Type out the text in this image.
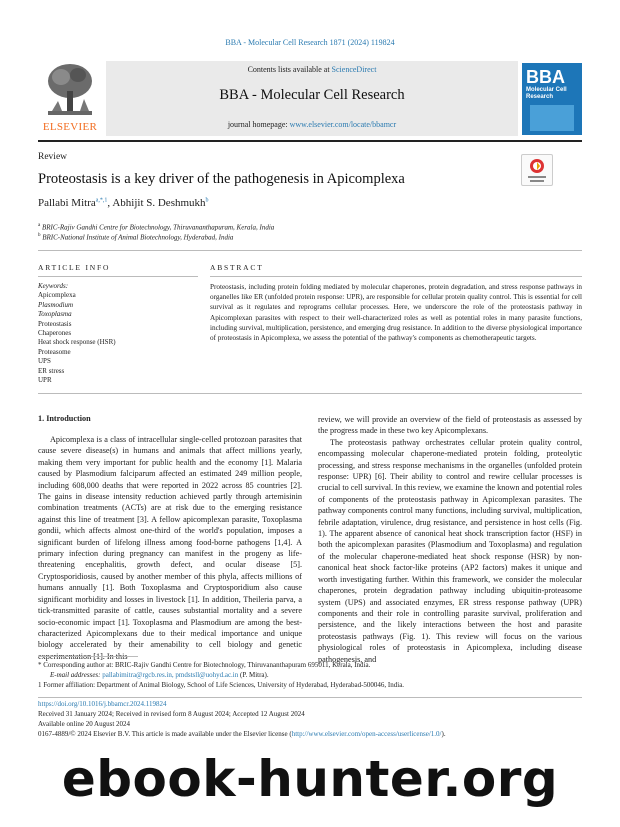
BBA - Molecular Cell Research 1871 (2024) 119824
ELSEVIER
Contents lists available at ScienceDirect
BBA - Molecular Cell Research
journal homepage: www.elsevier.com/locate/bbamcr
BBA
Molecular Cell Research
Review
Proteostasis is a key driver of the pathogenesis in Apicomplexa
Pallabi Mitra$^{a,*,1}$, Abhijit S. Deshmukh$^b$
$^a$ BRIC-Rajiv Gandhi Centre for Biotechnology, Thiruvananthapuram, Kerala, India
$^b$ BRIC-National Institute of Animal Biotechnology, Hyderabad, India
ARTICLE INFO
Keywords:
Apicomplexa
Plasmodium
Toxoplasma
Proteostasis
Chaperones
Heat shock response (HSR)
Proteasome
UPS
ER stress
UPR
ABSTRACT
Proteostasis, including protein folding mediated by molecular chaperones, protein degradation, and stress response pathways in organelles like ER (unfolded protein response: UPR), are responsible for cellular protein quality control. This is essential for cell survival as it regulates and reprograms cellular processes. Here, we underscore the role of the proteostasis pathway in Apicomplexan parasites with respect to their well-characterized roles as well as potential roles in many parasite functions, including survival, multiplication, persistence, and emerging drug resistance. In addition to the diverse physiological importance of proteostasis in Apicomplexa, we assess the potential of the pathway's components as chemotherapeutic targets.
1. Introduction
Apicomplexa is a class of intracellular single-celled protozoan parasites that cause severe disease(s) in humans and animals that affect millions yearly, making them very important for public health and the economy [1]. Malaria caused by Plasmodium falciparum affected an estimated 249 million people, including 608,000 deaths that were reported in 2022 across 85 countries [2]. The gains in disease intensity reduction achieved partly through artemisinin combination treatments (ACTs) are at risk due to the emerging resistance against this line of treatment [3]. A fellow apicomplexan parasite, Toxoplasma gondii, which affects almost one-third of the world's population, imposes a significant burden of lifelong illness among food-borne pathogens [1,4]. A primary infection during pregnancy can manifest in the progeny as life-threatening encephalitis, growth defect, and ocular disease [5]. Cryptosporidiosis, caused by another member of this phyla, affects millions of humans annually [1]. Both Toxoplasma and Cryptosporidium also cause significant morbidity and losses in livestock [1]. In addition, Theileria parva, a tick-transmitted parasite of cattle, causes substantial mortality and a severe socio-economic impact [1]. Toxoplasma and Plasmodium are among the best-characterized Apicomplexans due to their medical importance and unique biology accelerated by their amenability to cell biology and genetic

review, we will provide an overview of the field of proteostasis as assessed by the progress made in these two key Apicomplexans.

The proteostasis pathway orchestrates cellular protein quality control, encompassing molecular chaperone-mediated protein folding, proteolytic processing, and stress response mechanisms in the organelles (unfolded protein response: UPR) [6]. Their ability to control and rewire cellular processes is crucial to cell survival. In this review, we examine the known and potential roles of components of the proteostasis pathway in Apicomplexan parasites. The pathway components control many functions, including survival, multiplication, febrile adaptation, virulence, drug resistance, and persistence in host cells (Fig. 1). The apparent absence of canonical heat shock transcription factor (HSF) in both the apicomplexan parasites (Plasmodium and Toxoplasma) and regulation of the molecular chaperone-mediated heat shock response (HSR) by non-canonical heat shock factor-like proteins (AP2 factors) makes it unique and worth investigating further. Within this framework, we consider the molecular chaperones, protein degradation pathway including ubiquitin-proteasome system (UPS) and associated enzymes, ER stress response pathway (UPR) components and their role in controlling parasite survival, proliferation and persistence, and the likely interactions between the host and parasite proteostasis pathways (Fig. 1). This review will focus on the various physiological roles of proteostasis in Apicomplexa, including disease pathogenesis, and

* Corresponding author at: BRIC-Rajiv Gandhi Centre for Biotechnology, Thiruvananthapuram 695011, Kerala, India.
E-mail addresses: pallabimitra@rgcb.res.in, pmdstsll@uohyd.ac.in (P. Mitra).
1 Former affiliation: Department of Animal Biology, School of Life Sciences, University of Hyderabad, Hyderabad-500046, India.
https://doi.org/10.1016/j.bbamcr.2024.119824
Received 31 January 2024; Received in revised form 8 August 2024; Accepted 12 August 2024
Available online 20 August 2024
0167-4889/© 2024 Elsevier B.V. This article is made available under the Elsevier license (http://www.elsevier.com/open-access/userlicense/1.0/).
ebook-hunter.org
